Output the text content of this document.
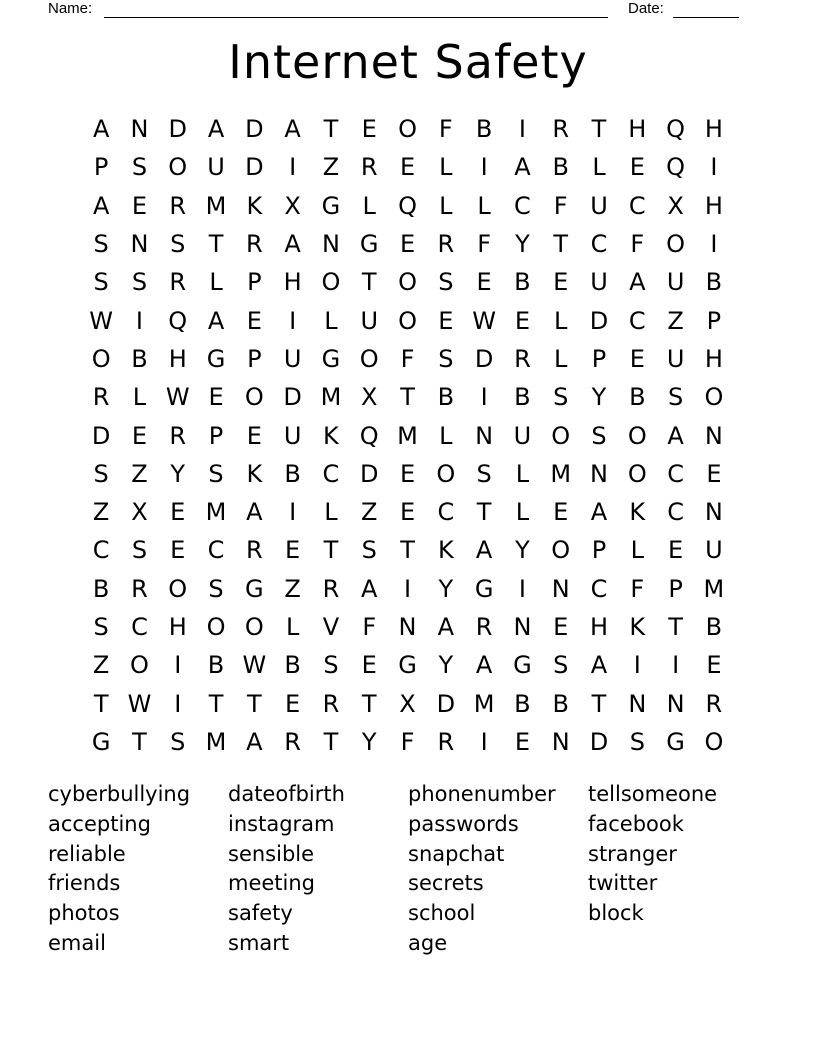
Name:	Date:
Internet Safety
A N D A D A T E O F B	I	R T H Q H
P S O U D	I	Z R E	L	I	A B L	E Q	I
A E R M K X G L Q L	L C F U C X H
S N S T R A N G E R F	Y T C F O	I
S S R L	P H O T O S E B E U A U B
W I	Q A E	I	L U O E W E	L D C Z P
O B H G P U G O F S D R L	P E U H
R L W E O D M X T B	I	B S Y B S O
D E R P E U K Q M L N U O S O A N
S Z Y S K B C D E O S L M N O C E
Z X E M A	I	L Z E C T	L	E A K C N
C S E C R E T S T K A Y O P	L	E U
B R O S G Z R A	I	Y G	I	N C F	P M
S C H O O L V F N A R N E H K T B
Z O	I	B W B S E G Y A G S A	I	I	E
T W I	T T E R T X D M B B T N N R
G T S M A R T Y	F R	I	E N D S G O
cyberbullying	dateofbirth	phonenumber	tellsomeone
accepting	instagram	passwords	facebook
reliable	sensible	snapchat	stranger
friends	meeting	secrets	twitter
photos	safety	school	block
email	smart	age
